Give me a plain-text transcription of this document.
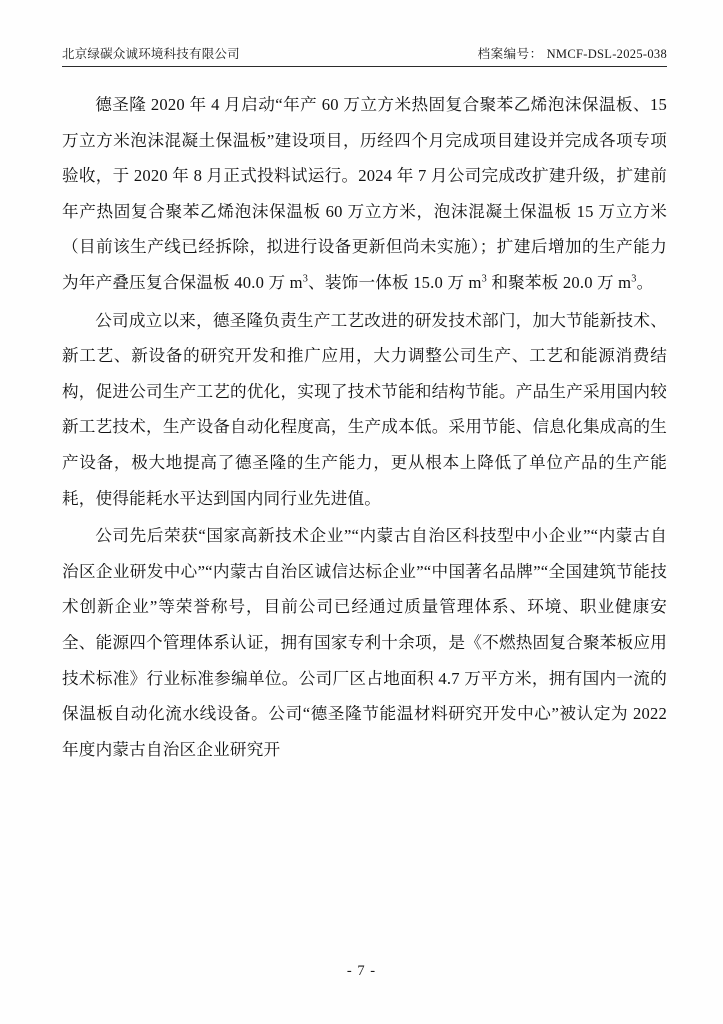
北京绿碳众诚环境科技有限公司	档案编号： NMCF-DSL-2025-038

德圣隆 2020 年 4 月启动“年产 60 万立方米热固复合聚苯乙烯泡沫保温板、15 万立方米泡沫混凝土保温板”建设项目，历经四个月完成项目建设并完成各项专项验收，于 2020 年 8 月正式投料试运行。2024 年 7 月公司完成改扩建升级，扩建前年产热固复合聚苯乙烯泡沫保温板 60 万立方米，泡沫混凝土保温板 15 万立方米（目前该生产线已经拆除，拟进行设备更新但尚未实施）；扩建后增加的生产能力为年产叠压复合保温板 40.0 万 $m^3$、装饰一体板 15.0 万 $m^3$ 和聚苯板 20.0 万 $m^3$。

公司成立以来，德圣隆负责生产工艺改进的研发技术部门，加大节能新技术、新工艺、新设备的研究开发和推广应用，大力调整公司生产、工艺和能源消费结构，促进公司生产工艺的优化，实现了技术节能和结构节能。产品生产采用国内较新工艺技术，生产设备自动化程度高，生产成本低。采用节能、信息化集成高的生产设备，极大地提高了德圣隆的生产能力，更从根本上降低了单位产品的生产能耗，使得能耗水平达到国内同行业先进值。

公司先后荣获“国家高新技术企业”“内蒙古自治区科技型中小企业”“内蒙古自治区企业研发中心”“内蒙古自治区诚信达标企业”“中国著名品牌”“全国建筑节能技术创新企业”等荣誉称号，目前公司已经通过质量管理体系、环境、职业健康安全、能源四个管理体系认证，拥有国家专利十余项，是《不燃热固复合聚苯板应用技术标准》行业标准参编单位。公司厂区占地面积 4.7 万平方米，拥有国内一流的保温板自动化流水线设备。公司“德圣隆节能温材料研究开发中心”被认定为 2022 年度内蒙古自治区企业研究开

- 7 -
